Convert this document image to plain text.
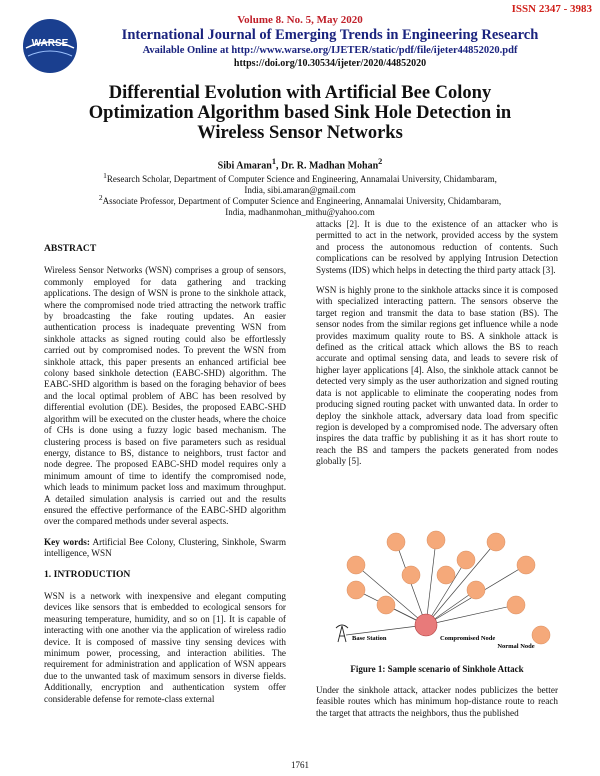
ISSN 2347 - 3983
Volume 8. No. 5, May 2020
WARSE
International Journal of Emerging Trends in Engineering Research
Available Online at http://www.warse.org/IJETER/static/pdf/file/ijeter44852020.pdf
https://doi.org/10.30534/ijeter/2020/44852020
Differential Evolution with Artificial Bee Colony
Optimization Algorithm based Sink Hole Detection in
Wireless Sensor Networks
Sibi Amaran$^1$, Dr. R. Madhan Mohan$^2$
$^1$Research Scholar, Department of Computer Science and Engineering, Annamalai University, Chidambaram,
India, sibi.amaran@gmail.com
$^2$Associate Professor, Department of Computer Science and Engineering, Annamalai University, Chidambaram,
India, madhanmohan_mithu@yahoo.com
ABSTRACT

Wireless Sensor Networks (WSN) comprises a group of sensors, commonly employed for data gathering and tracking applications. The design of WSN is prone to the sinkhole attack, where the compromised node tried attracting the network traffic by broadcasting the fake routing updates. An easier authentication process is inadequate preventing WSN from sinkhole attacks as signed routing could also be effortlessly carried out by compromised nodes. To prevent the WSN from sinkhole attack, this paper presents an enhanced artificial bee colony based sinkhole detection (EABC-SHD) algorithm. The EABC-SHD algorithm is based on the foraging behavior of bees and the local optimal problem of ABC has been resolved by differential evolution (DE). Besides, the proposed EABC-SHD algorithm will be executed on the cluster heads, where the choice of CHs is done using a fuzzy logic based mechanism. The clustering process is based on five parameters such as residual energy, distance to BS, distance to neighbors, trust factor and node degree. The proposed EABC-SHD model requires only a minimum amount of time to identify the compromised node, which leads to minimum packet loss and maximum throughput. A detailed simulation analysis is carried out and the results ensured the effective performance of the EABC-SHD algorithm over the compared methods under several aspects.

Key words: Artificial Bee Colony, Clustering, Sinkhole, Swarm intelligence, WSN

1. INTRODUCTION

WSN is a network with inexpensive and elegant computing devices like sensors that is embedded to ecological sensors for measuring temperature, humidity, and so on [1]. It is capable of interacting with one another via the application of wireless radio device. It is composed of massive tiny sensing devices with minimum power, processing, and interaction abilities. The requirement for administration and application of WSN appears due to the unwanted task of maximum sensors in diverse fields. Additionally, encryption and authentication system offer considerable defense for remote-class external

attacks [2]. It is due to the existence of an attacker who is permitted to act in the network, provided access by the system and process the autonomous reduction of contents. Such complications can be resolved by applying Intrusion Detection Systems (IDS) which helps in detecting the third party attack [3].

WSN is highly prone to the sinkhole attacks since it is composed with specialized interacting pattern. The sensors observe the target region and transmit the data to base station (BS). The sensor nodes from the similar regions get influence while a node provides maximum quality route to BS. A sinkhole attack is defined as the critical attack which allows the BS to reach accurate and optimal sensing data, and leads to severe risk of higher layer applications [4]. Also, the sinkhole attack cannot be detected very simply as the user authorization and signed routing data is not applicable to eliminate the cooperating nodes from producing signed routing packet with unwanted data. In order to deploy the sinkhole attack, adversary data load from specific region is developed by a compromised node. The adversary often inspires the data traffic by publishing it as it has short route to reach the BS and tampers the packets generated from nodes globally [5].

Base Station	Compromised Node
Normal Node
Figure 1: Sample scenario of Sinkhole Attack

Under the sinkhole attack, attacker nodes publicizes the better feasible routes which has minimum hop-distance route to reach the target that attracts the neighbors, thus the published

1761
